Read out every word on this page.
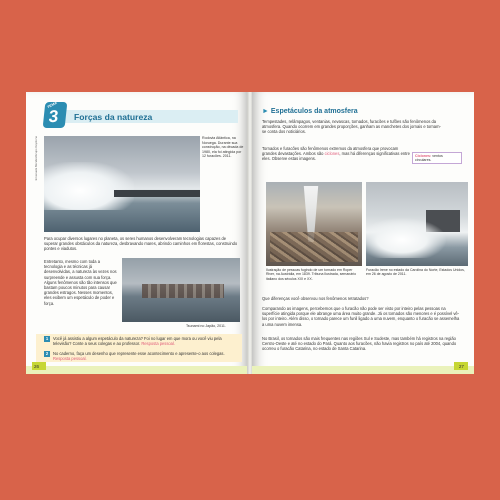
Forças da natureza
TEMA
3
Emanuele Mendes/Grupo Keystone	Rodovia Atlântica, na Noruega. Durante sua construção, na década de 1980, ela foi atingida por 12 furacões. 2011.

Para ocupar diversos lugares no planeta, os seres humanos desenvolveram tecnologias capazes de superar grandes obstáculos da natureza, desbravando mares, abrindo caminhos em florestas, construindo pontes e viadutos.

Entretanto, mesmo com toda a tecnologia e as técnicas já desenvolvidas, a natureza às vezes nos surpreende e assusta com sua força. Alguns fenômenos são tão intensos que bastam poucos minutos para causar grandes estragos. Nesses momentos, eles exibem um espetáculo de poder e força.

Tsunami no Japão, 2011.
1	Você já assistiu a algum espetáculo da natureza? Foi no lugar em que mora ou você viu pela televisão? Conte a seus colegas e ao professor. Resposta pessoal.

2	No caderno, faça um desenho que represente esse acontecimento e apresente-o aos colegas. Resposta pessoal.

26
► Espetáculos da atmosfera

Tempestades, relâmpagos, ventanias, nevascas, tornados, furacões e tufões são fenômenos da atmosfera. Quando ocorrem em grandes proporções, ganham as manchetes dos jornais e tornam-se conta dos noticiários.

Tornados e furacões são fenômenos extremos da atmosfera que provocam grandes devastações. Ambos são ciclones, mas há diferenças significativas entre eles. Observe estas imagens.

Ciclones: ventos circulares.
Ilustração de pessoas fugindo de um tornado em Roper River, na Austrália, em 1839. Tribuna Ilustrada, semanário italiano dos séculos XIX e XX.
Furacão Irene no estado da Carolina do Norte, Estados Unidos, em 26 de agosto de 2011.

Que diferenças você observou nos fenômenos retratados?

Comparando as imagens, percebemos que o furacão não pode ser visto por inteiro pelas pessoas na superfície atingida porque ele abrange uma área muito grande. Já os tornados são menores e é possível vê-los por inteiro. Além disso, o tornado parece um funil ligado a uma nuvem, enquanto o furacão se assemelha a uma nuvem imensa.

No Brasil, os tornados são mais frequentes nas regiões Sul e Sudeste, mas também há registros na região Centro-Oeste e até no estado do Pará. Quanto aos furacões, não havia registros no país até 2004, quando ocorreu o furacão Catarina, no estado de Santa Catarina.

27
